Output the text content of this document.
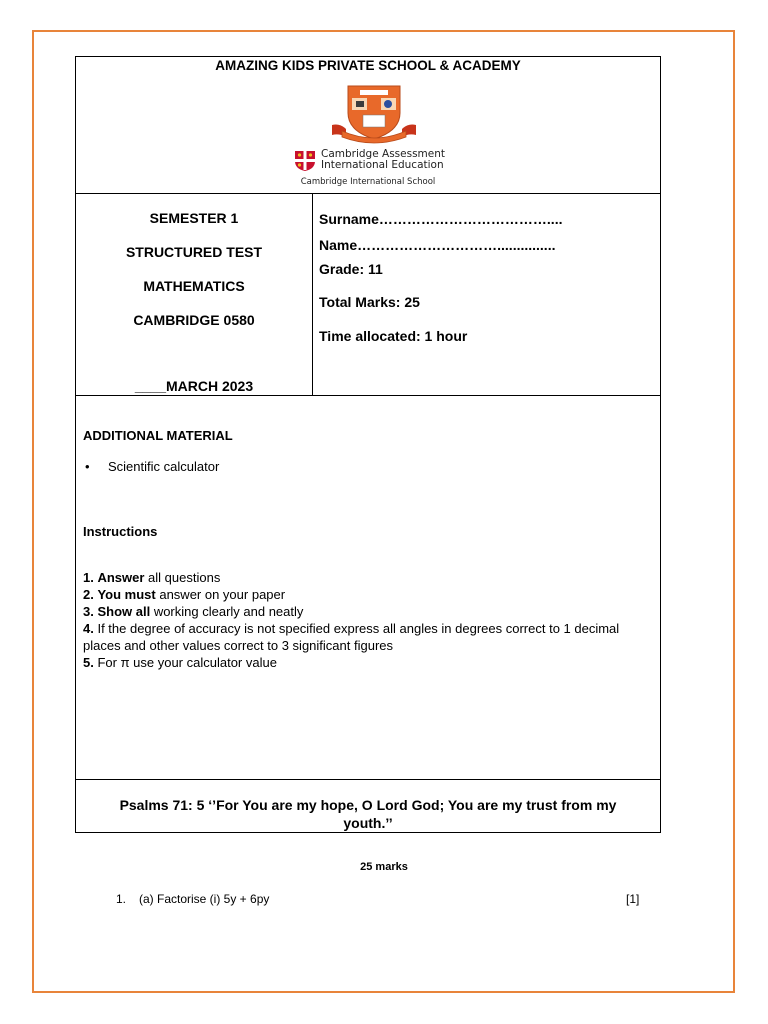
AMAZING KIDS PRIVATE SCHOOL & ACADEMY
Cambridge Assessment
International Education
Cambridge International School
SEMESTER 1
STRUCTURED TEST
MATHEMATICS
CAMBRIDGE 0580
____MARCH 2023
Surname………………………………....
Name…………………………...............
Grade: 11
Total Marks: 25
Time allocated: 1 hour
ADDITIONAL MATERIAL
• Scientific calculator
Instructions
1. Answer all questions
2. You must answer on your paper
3. Show all working clearly and neatly
4. If the degree of accuracy is not specified express all angles in degrees correct to 1 decimal places and other values correct to 3 significant figures
5. For π use your calculator value
Psalms 71: 5 ‘’For You are my hope, O Lord God; You are my trust from my
youth.’’
25 marks
1. (a) Factorise (i) 5y + 6py	[1]
